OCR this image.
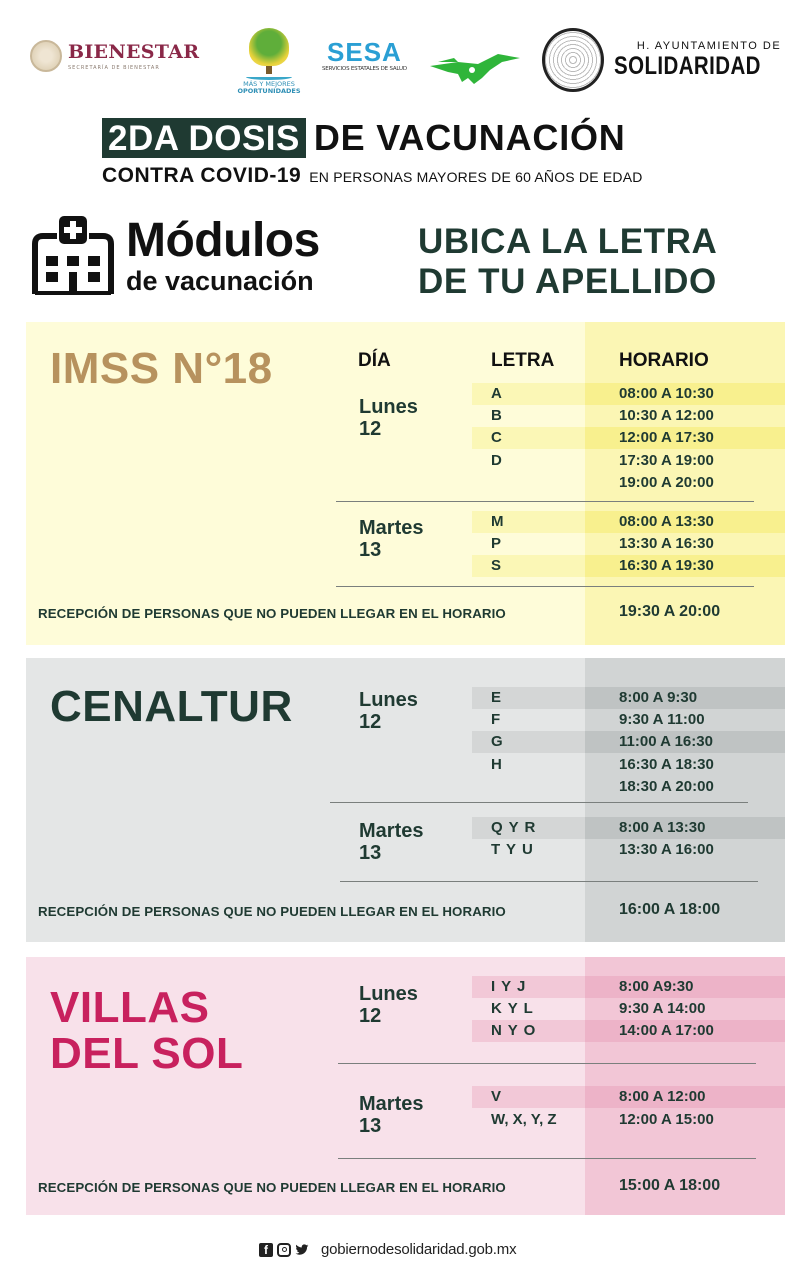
BIENESTAR
SECRETARÍA DE BIENESTAR
MÁS Y MEJORES
OPORTUNIDADES
SESA
SERVICIOS ESTATALES DE SALUD
H. AYUNTAMIENTO DE
SOLIDARIDAD
2DA DOSIS DE VACUNACIÓN
CONTRA COVID-19 EN PERSONAS MAYORES DE 60 AÑOS DE EDAD
Módulos
de vacunación
UBICA LA LETRA
DE TU APELLIDO
IMSS N°18	DÍA	LETRA	HORARIO
Lunes
12
A	08:00 A 10:30
B	10:30 A 12:00
C	12:00 A 17:30
D	17:30 A 19:00
19:00 A 20:00
Martes
13
M	08:00 A 13:30
P	13:30 A 16:30
S	16:30 A 19:30
RECEPCIÓN DE PERSONAS QUE NO PUEDEN LLEGAR EN EL HORARIO	19:30 A 20:00
CENALTUR	Lunes
12
E	8:00 A 9:30
F	9:30 A 11:00
G	11:00 A 16:30
H	16:30 A 18:30
18:30 A 20:00
Martes
13
Q Y R	8:00 A 13:30
T Y U	13:30 A 16:00
RECEPCIÓN DE PERSONAS QUE NO PUEDEN LLEGAR EN EL HORARIO	16:00 A 18:00
VILLAS
DEL SOL
Lunes
12
I Y J	8:00 A9:30
K Y L	9:30 A 14:00
N Y O	14:00 A 17:00
Martes
13
V	8:00 A 12:00
W, X, Y, Z	12:00 A 15:00
RECEPCIÓN DE PERSONAS QUE NO PUEDEN LLEGAR EN EL HORARIO	15:00 A 18:00
f	gobiernodesolidaridad.gob.mx
